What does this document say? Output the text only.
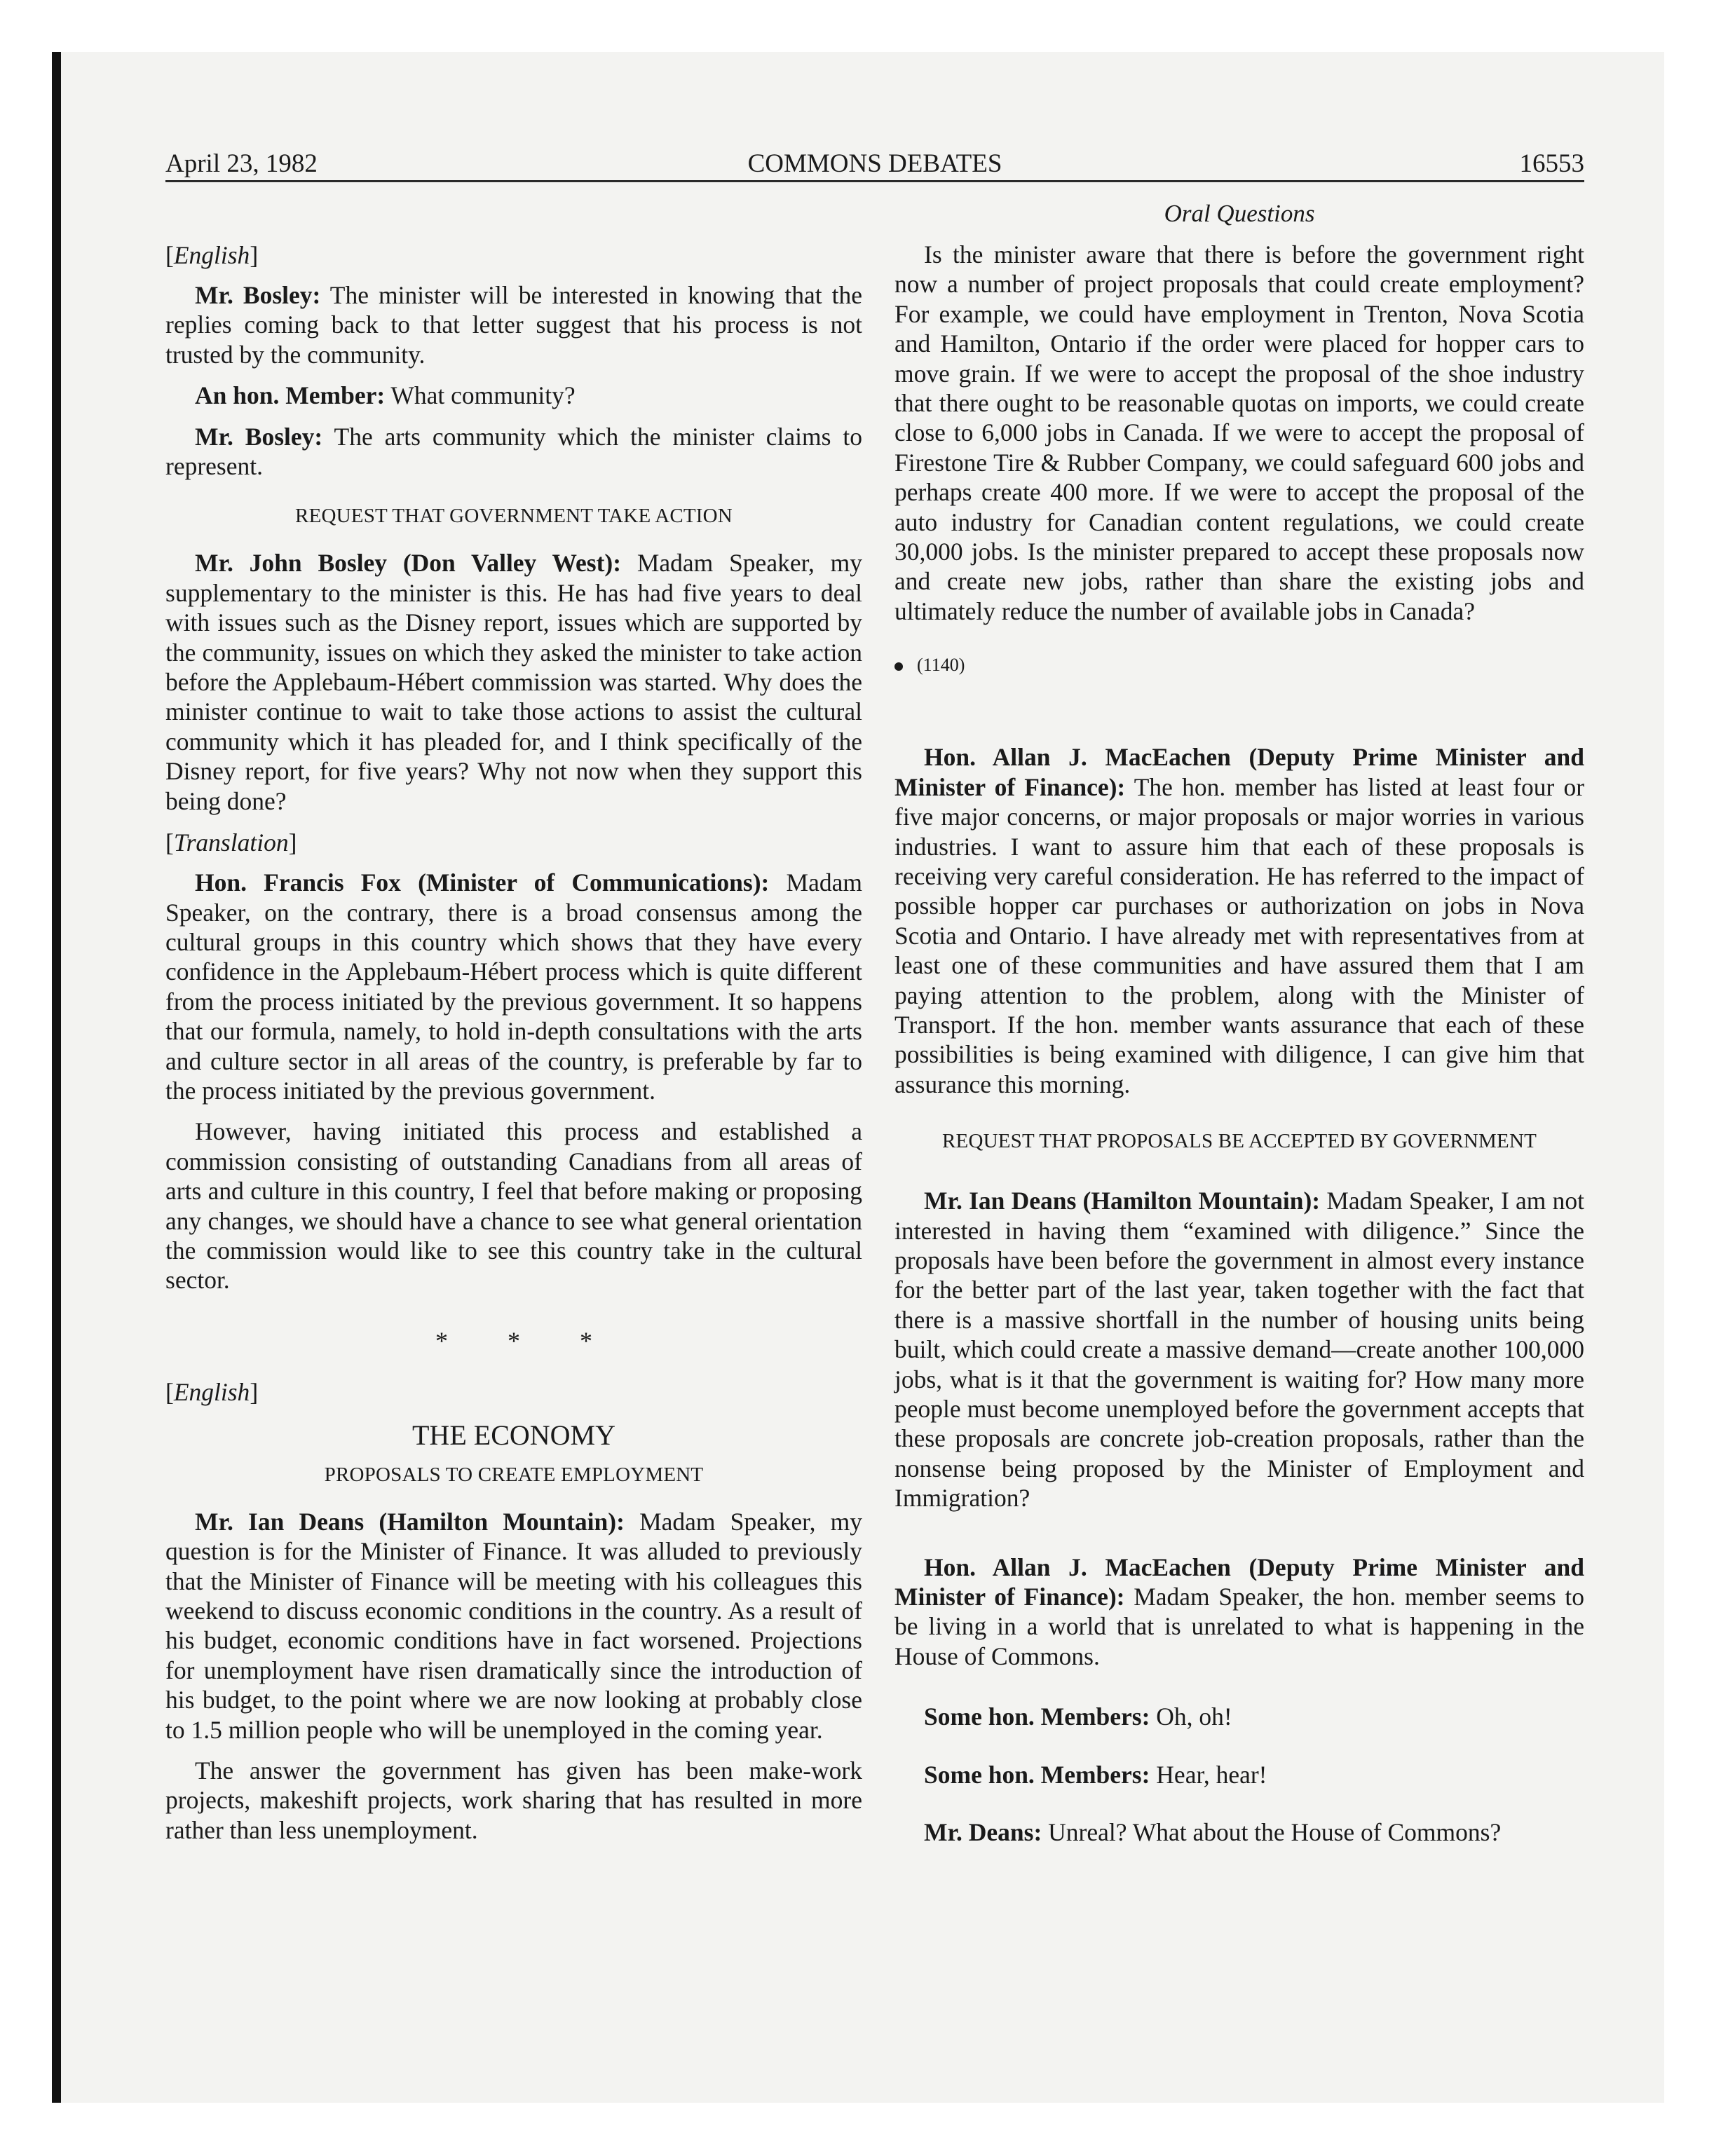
April 23, 1982	COMMONS DEBATES	16553
Oral Questions
[English]

Mr. Bosley: The minister will be interested in knowing that the replies coming back to that letter suggest that his process is not trusted by the community.

An hon. Member: What community?

Mr. Bosley: The arts community which the minister claims to represent.

REQUEST THAT GOVERNMENT TAKE ACTION

Mr. John Bosley (Don Valley West): Madam Speaker, my supplementary to the minister is this. He has had five years to deal with issues such as the Disney report, issues which are supported by the community, issues on which they asked the minister to take action before the Applebaum-Hébert commission was started. Why does the minister continue to wait to take those actions to assist the cultural community which it has pleaded for, and I think specifically of the Disney report, for five years? Why not now when they support this being done?

[Translation]

Hon. Francis Fox (Minister of Communications): Madam Speaker, on the contrary, there is a broad consensus among the cultural groups in this country which shows that they have every confidence in the Applebaum-Hébert process which is quite different from the process initiated by the previous government. It so happens that our formula, namely, to hold in-depth consultations with the arts and culture sector in all areas of the country, is preferable by far to the process initiated by the previous government.

However, having initiated this process and established a commission consisting of outstanding Canadians from all areas of arts and culture in this country, I feel that before making or proposing any changes, we should have a chance to see what general orientation the commission would like to see this country take in the cultural sector.

* * *
[English]
THE ECONOMY
PROPOSALS TO CREATE EMPLOYMENT

Mr. Ian Deans (Hamilton Mountain): Madam Speaker, my question is for the Minister of Finance. It was alluded to previously that the Minister of Finance will be meeting with his colleagues this weekend to discuss economic conditions in the country. As a result of his budget, economic conditions have in fact worsened. Projections for unemployment have risen dramatically since the introduction of his budget, to the point where we are now looking at probably close to 1.5 million people who will be unemployed in the coming year.

The answer the government has given has been make-work projects, makeshift projects, work sharing that has resulted in more rather than less unemployment.

Is the minister aware that there is before the government right now a number of project proposals that could create employment? For example, we could have employment in Trenton, Nova Scotia and Hamilton, Ontario if the order were placed for hopper cars to move grain. If we were to accept the proposal of the shoe industry that there ought to be reasonable quotas on imports, we could create close to 6,000 jobs in Canada. If we were to accept the proposal of Firestone Tire & Rubber Company, we could safeguard 600 jobs and perhaps create 400 more. If we were to accept the proposal of the auto industry for Canadian content regulations, we could create 30,000 jobs. Is the minister prepared to accept these proposals now and create new jobs, rather than share the existing jobs and ultimately reduce the number of available jobs in Canada?

(1140)

Hon. Allan J. MacEachen (Deputy Prime Minister and Minister of Finance): The hon. member has listed at least four or five major concerns, or major proposals or major worries in various industries. I want to assure him that each of these proposals is receiving very careful consideration. He has referred to the impact of possible hopper car purchases or authorization on jobs in Nova Scotia and Ontario. I have already met with representatives from at least one of these communities and have assured them that I am paying attention to the problem, along with the Minister of Transport. If the hon. member wants assurance that each of these possibilities is being examined with diligence, I can give him that assurance this morning.

REQUEST THAT PROPOSALS BE ACCEPTED BY GOVERNMENT

Mr. Ian Deans (Hamilton Mountain): Madam Speaker, I am not interested in having them “examined with diligence.” Since the proposals have been before the government in almost every instance for the better part of the last year, taken together with the fact that there is a massive shortfall in the number of housing units being built, which could create a massive demand—create another 100,000 jobs, what is it that the government is waiting for? How many more people must become unemployed before the government accepts that these proposals are concrete job-creation proposals, rather than the nonsense being proposed by the Minister of Employment and Immigration?

Hon. Allan J. MacEachen (Deputy Prime Minister and Minister of Finance): Madam Speaker, the hon. member seems to be living in a world that is unrelated to what is happening in the House of Commons.

Some hon. Members: Oh, oh!

Some hon. Members: Hear, hear!

Mr. Deans: Unreal? What about the House of Commons?
